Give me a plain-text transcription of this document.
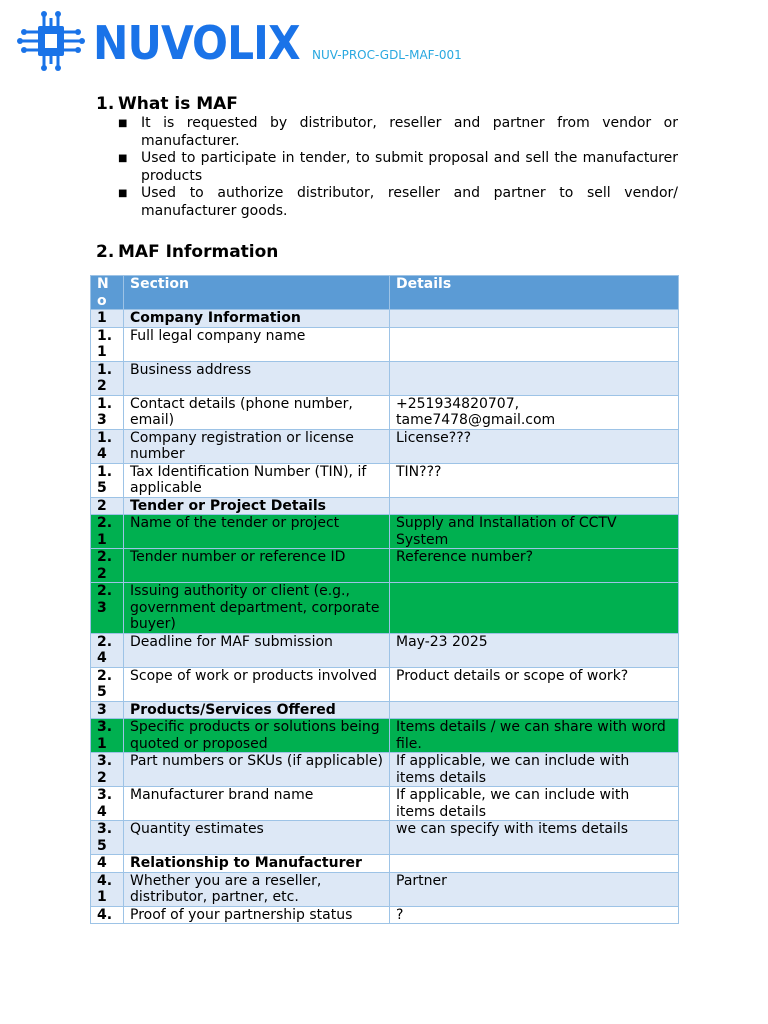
NUVOLIX NUV-PROC-GDL-MAF-001
1. What is MAF
■ It is requested by distributor, reseller and partner from vendor or manufacturer.
■ Used to participate in tender, to submit proposal and sell the manufacturer products
■ Used to authorize distributor, reseller and partner to sell vendor/ manufacturer goods.
2. MAF Information
No	Section	Details
1	Company Information	
1.1	Full legal company name	
1.2	Business address	
1.3	Contact details (phone number, email)	+251934820707, tame7478@gmail.com
1.4	Company registration or license number	License???
1.5	Tax Identification Number (TIN), if applicable	TIN???
2	Tender or Project Details	
2.1	Name of the tender or project	Supply and Installation of CCTV System
2.2	Tender number or reference ID	Reference number?
2.3	Issuing authority or client (e.g., government department, corporate buyer)	
2.4	Deadline for MAF submission	May-23 2025
2.5	Scope of work or products involved	Product details or scope of work?
3	Products/Services Offered	
3.1	Specific products or solutions being quoted or proposed	Items details / we can share with word file.
3.2	Part numbers or SKUs (if applicable)	If applicable, we can include with items details
3.4	Manufacturer brand name	If applicable, we can include with items details
3.5	Quantity estimates	we can specify with items details
4	Relationship to Manufacturer	
4.1	Whether you are a reseller, distributor, partner, etc.	Partner
4.	Proof of your partnership status	?
